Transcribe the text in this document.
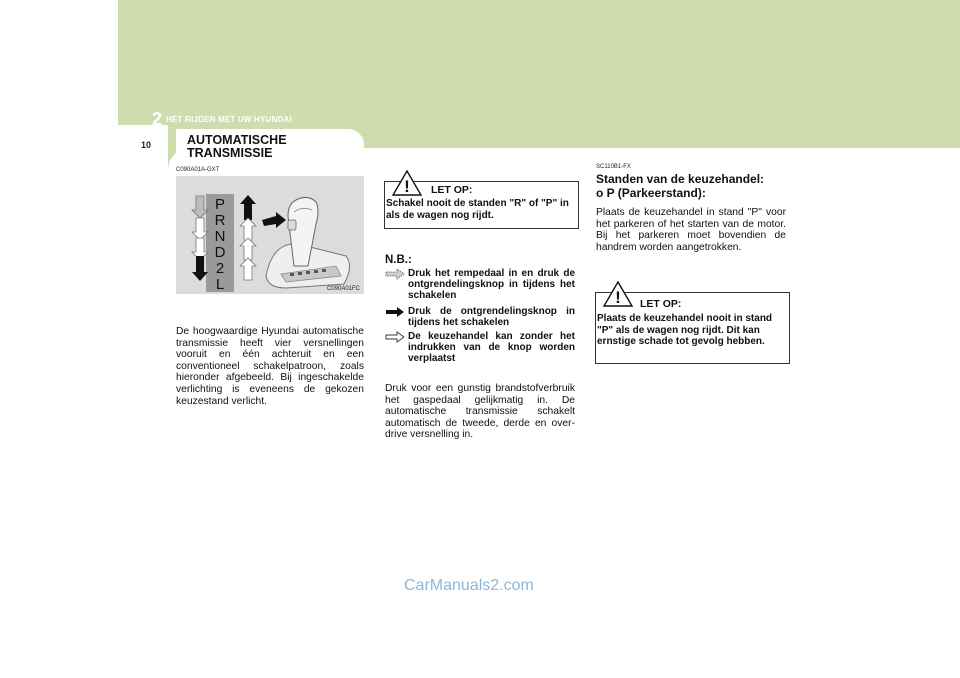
2 HET RIJDEN MET UW HYUNDAI
10	AUTOMATISCHE TRANSMISSIE
C090A01A-GXT
P
R
N
D
2
L	C090A01FC
De hoogwaardige Hyundai automatische transmissie heeft vier versnellingen vooruit en één achteruit en een conventioneel schakelpatroon, zoals hieronder afgebeeld. Bij ingeschakelde verlichting is eveneens de gekozen keuzestand verlicht.
! LET OP:
Schakel nooit de standen "R" of "P" in als de wagen nog rijdt.
N.B.:
Druk het rempedaal in en druk de ontgrendelingsknop in tijdens het schakelen
Druk de ontgrendelingsknop in tijdens het schakelen
De keuzehandel kan zonder het indrukken van de knop worden verplaatst
Druk voor een gunstig brandstofverbruik het gaspedaal gelijkmatig in. De automatische transmissie schakelt automatisch de tweede, derde en over-drive versnelling in.
SC110B1-FX
Standen van de keuzehandel:
o P (Parkeerstand):
Plaats de keuzehandel in stand "P" voor het parkeren of het starten van de motor. Bij het parkeren moet bovendien de handrem worden aangetrokken.
! LET OP:
Plaats de keuzehandel nooit in stand "P" als de wagen nog rijdt. Dit kan ernstige schade tot gevolg hebben.
CarManuals2.com
